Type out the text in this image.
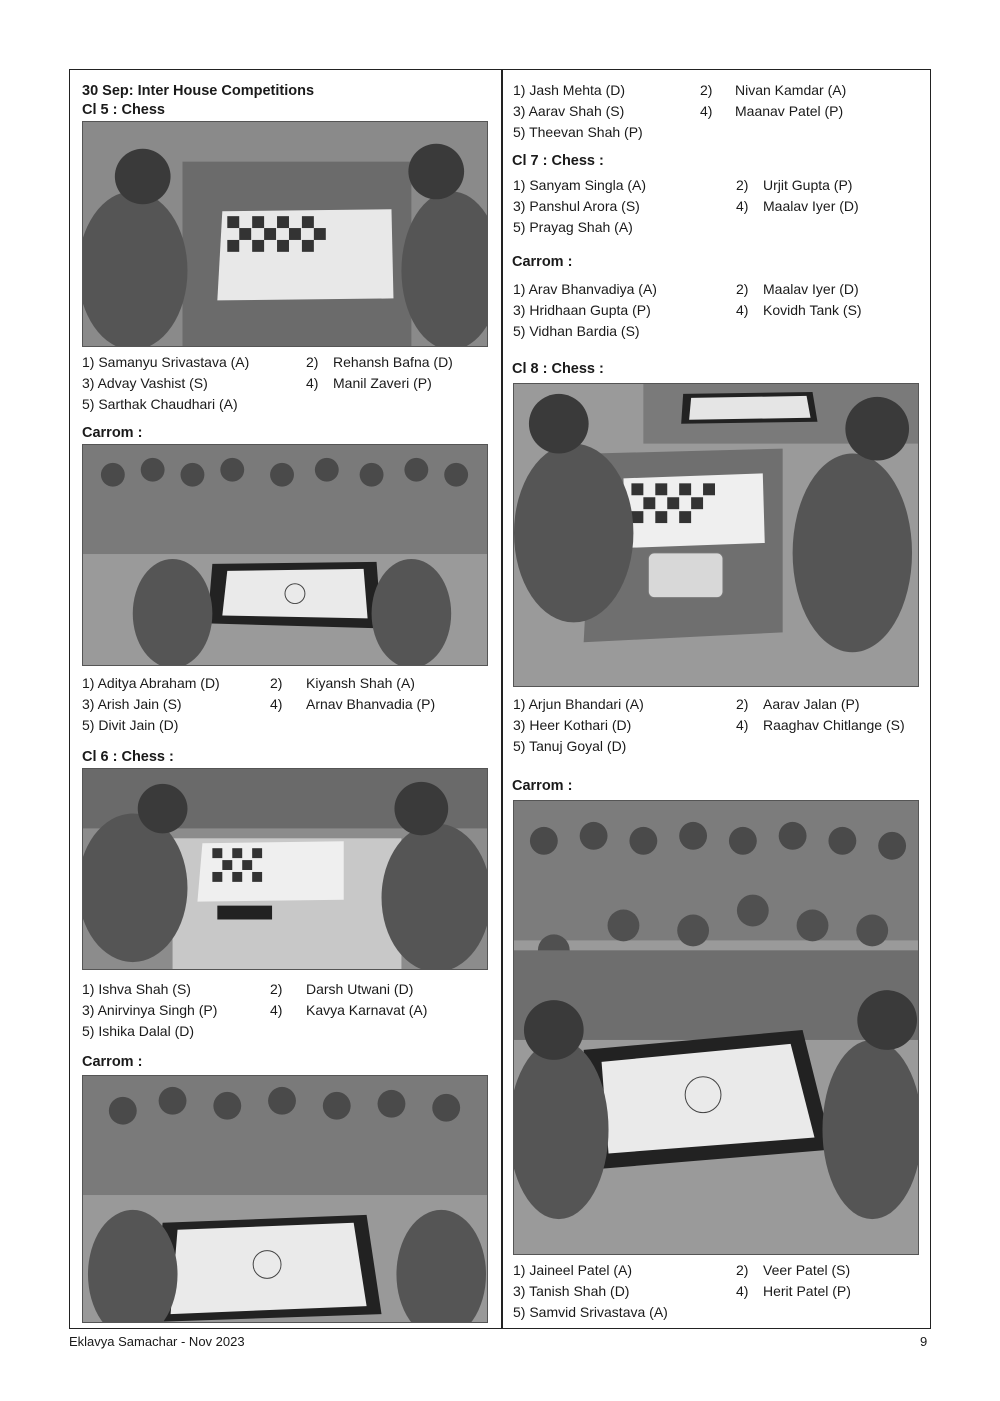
30 Sep: Inter House Competitions

Cl 5 : Chess

1) Samanyu Srivastava (A)	2) Rehansh Bafna (D)
3) Advay Vashist (S)	4) Manil Zaveri (P)
5) Sarthak Chaudhari (A)

Carrom :

1) Aditya Abraham (D)	2) Kiyansh Shah (A)
3) Arish Jain (S)	4) Arnav Bhanvadia (P)
5) Divit Jain (D)

Cl 6 : Chess :

1) Ishva Shah (S)	2) Darsh Utwani (D)
3) Anirvinya Singh (P)	4) Kavya Karnavat (A)
5) Ishika Dalal (D)

Carrom :

1) Jash Mehta (D)	2) Nivan Kamdar (A)
3) Aarav Shah (S)	4) Maanav Patel (P)
5) Theevan Shah (P)

Cl 7 : Chess :

1) Sanyam Singla (A)	2) Urjit Gupta (P)
3) Panshul Arora (S)	4) Maalav Iyer (D)
5) Prayag Shah (A)

Carrom :

1) Arav Bhanvadiya (A)	2) Maalav Iyer (D)
3) Hridhaan Gupta (P)	4) Kovidh Tank (S)
5) Vidhan Bardia (S)

Cl 8 : Chess :

1) Arjun Bhandari (A)	2) Aarav Jalan (P)
3) Heer Kothari (D)	4) Raaghav Chitlange (S)
5) Tanuj Goyal (D)

Carrom :

1) Jaineel Patel (A)	2) Veer Patel (S)
3) Tanish Shah (D)	4) Herit Patel (P)
5) Samvid Srivastava (A)
Eklavya Samachar - Nov 2023	9
